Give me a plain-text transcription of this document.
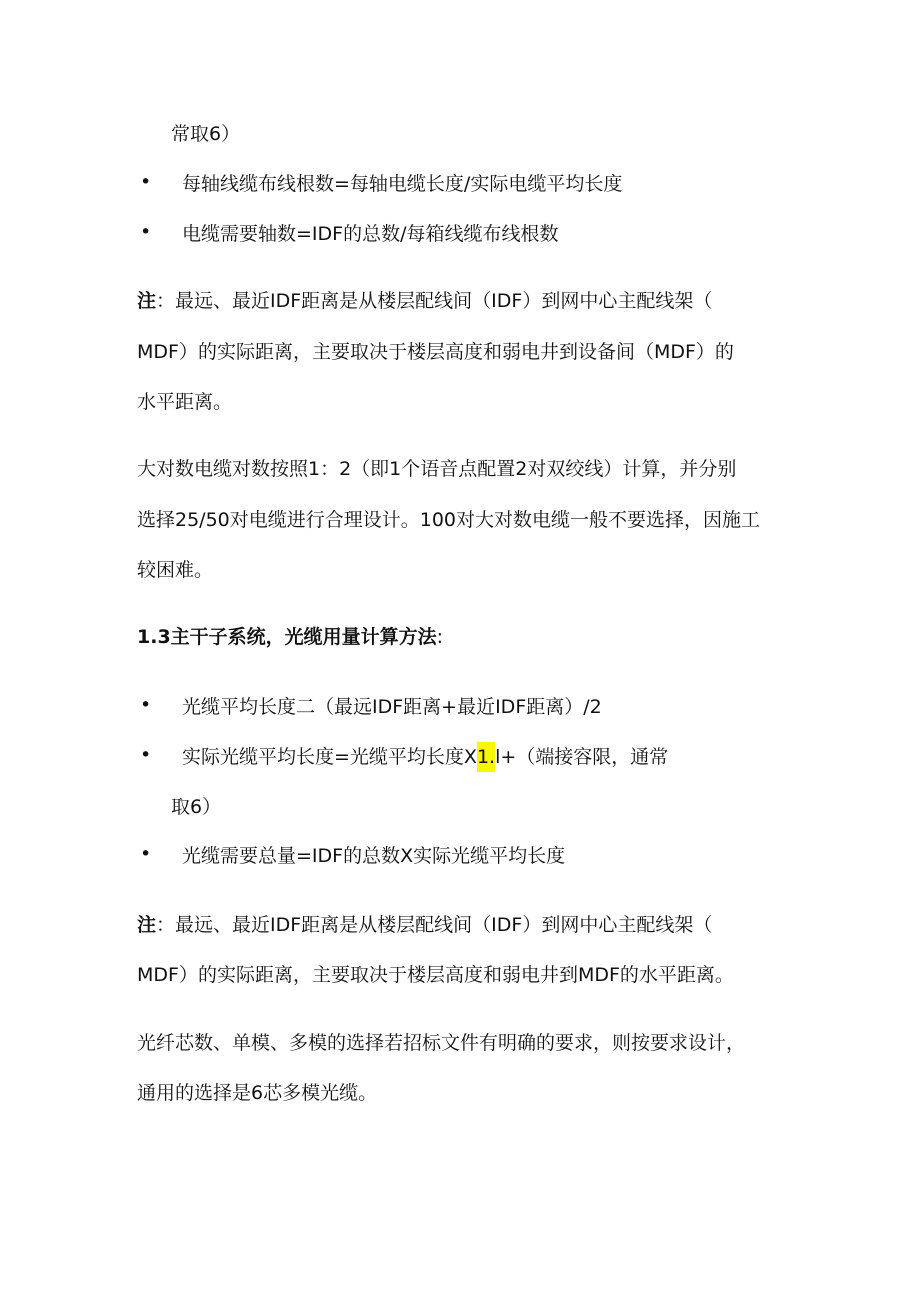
常取6）
• 每轴线缆布线根数=每轴电缆长度/实际电缆平均长度
• 电缆需要轴数=IDF的总数/每箱线缆布线根数
注：最远、最近IDF距离是从楼层配线间（IDF）到网中心主配线架（
MDF）的实际距离，主要取决于楼层高度和弱电井到设备间（MDF）的
水平距离。
大对数电缆对数按照1：2（即1个语音点配置2对双绞线）计算，并分别
选择25/50对电缆进行合理设计。100对大对数电缆一般不要选择，因施工
较困难。
1.3主干子系统，光缆用量计算方法:
• 光缆平均长度二（最远IDF距离+最近IDF距离）/2
• 实际光缆平均长度=光缆平均长度X1.l+（端接容限，通常
取6）
• 光缆需要总量=IDF的总数X实际光缆平均长度
注：最远、最近IDF距离是从楼层配线间（IDF）到网中心主配线架（
MDF）的实际距离，主要取决于楼层高度和弱电井到MDF的水平距离。
光纤芯数、单模、多模的选择若招标文件有明确的要求，则按要求设计，
通用的选择是6芯多模光缆。
